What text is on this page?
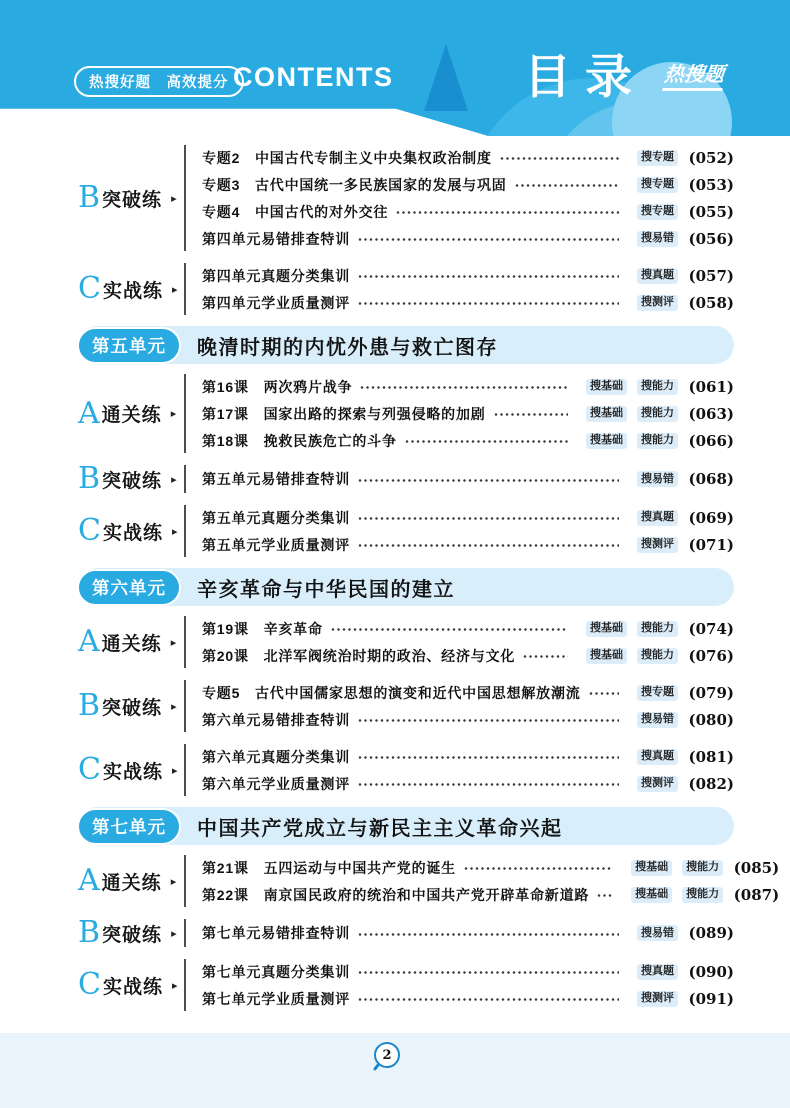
热搜好题　高效提分 CONTENTS	目录 热搜题
B 突破练 ▸
专题2　中国古代专制主义中央集权政治制度	搜专题 (052)
专题3　古代中国统一多民族国家的发展与巩固	搜专题 (053)
专题4　中国古代的对外交往	搜专题 (055)
第四单元易错排查特训	搜易错 (056)
C 实战练 ▸
第四单元真题分类集训	搜真题 (057)
第四单元学业质量测评	搜测评 (058)
第五单元	晚清时期的内忧外患与救亡图存
A 通关练 ▸
第16课　两次鸦片战争	搜基础	搜能力 (061)
第17课　国家出路的探索与列强侵略的加剧	搜基础	搜能力 (063)
第18课　挽救民族危亡的斗争	搜基础	搜能力 (066)
B 突破练 ▸ 第五单元易错排查特训	搜易错 (068)
C 实战练 ▸
第五单元真题分类集训	搜真题 (069)
第五单元学业质量测评	搜测评 (071)
第六单元	辛亥革命与中华民国的建立
A 通关练 ▸
第19课　辛亥革命	搜基础	搜能力 (074)
第20课　北洋军阀统治时期的政治、经济与文化	搜基础	搜能力 (076)
B 突破练 ▸
专题5　古代中国儒家思想的演变和近代中国思想解放潮流	搜专题 (079)
第六单元易错排查特训	搜易错 (080)
C 实战练 ▸
第六单元真题分类集训	搜真题 (081)
第六单元学业质量测评	搜测评 (082)
第七单元	中国共产党成立与新民主主义革命兴起
A 通关练 ▸
第21课　五四运动与中国共产党的诞生	搜基础	搜能力 (085)
第22课　南京国民政府的统治和中国共产党开辟革命新道路	搜基础	搜能力 (087)
B 突破练 ▸ 第七单元易错排查特训	搜易错 (089)
C 实战练 ▸
第七单元真题分类集训	搜真题 (090)
第七单元学业质量测评	搜测评 (091)
2
